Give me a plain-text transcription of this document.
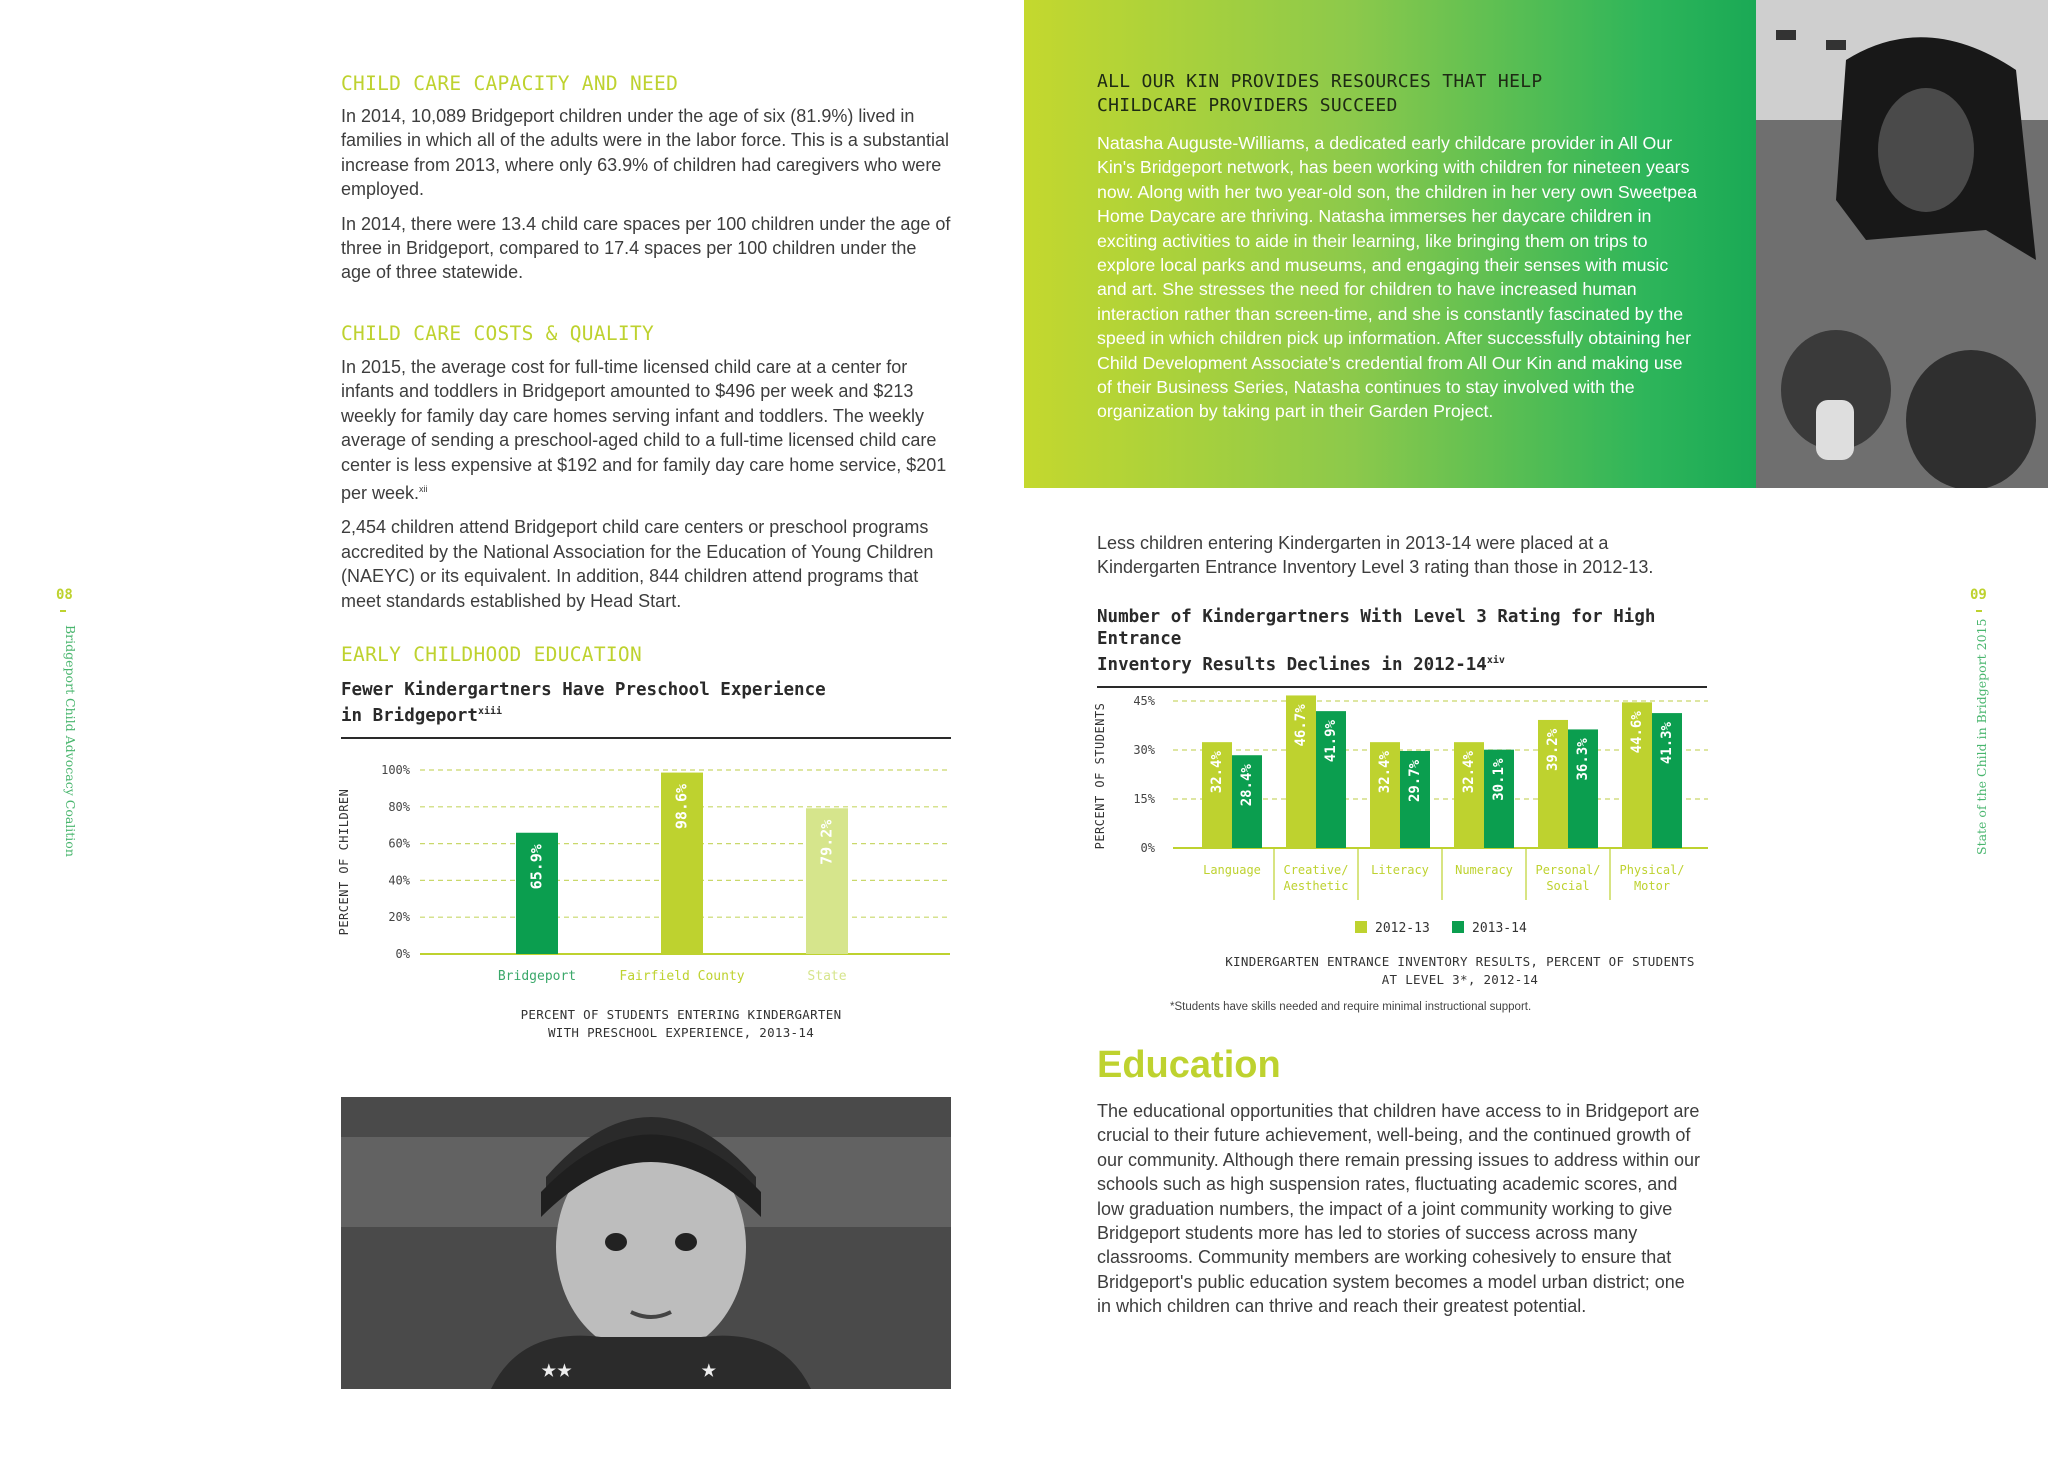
08
Bridgeport Child Advocacy Coalition
CHILD CARE CAPACITY AND NEED

In 2014, 10,089 Bridgeport children under the age of six (81.9%) lived in families in which all of the adults were in the labor force. This is a substantial increase from 2013, where only 63.9% of children had caregivers who were employed.

In 2014, there were 13.4 child care spaces per 100 children under the age of three in Bridgeport, compared to 17.4 spaces per 100 children under the age of three statewide.

CHILD CARE COSTS & QUALITY

In 2015, the average cost for full-time licensed child care at a center for infants and toddlers in Bridgeport amounted to $496 per week and $213 weekly for family day care homes serving infant and toddlers. The weekly average of sending a preschool-aged child to a full-time licensed child care center is less expensive at $192 and for family day care home service, $201 per week.$^{xii}$

2,454 children attend Bridgeport child care centers or preschool programs accredited by the National Association for the Education of Young Children (NAEYC) or its equivalent. In addition, 844 children attend programs that meet standards established by Head Start.

EARLY CHILDHOOD EDUCATION
Fewer Kindergartners Have Preschool Experience
in Bridgeport$^{xiii}$
PERCENT OF CHILDREN
0%
20%
40%
60%
80%
100%
65.9%
Bridgeport
98.6%
Fairfield County
79.2%
State
PERCENT OF STUDENTS ENTERING KINDERGARTEN
WITH PRESCHOOL EXPERIENCE, 2013-14
★★	★
ALL OUR KIN PROVIDES RESOURCES THAT HELP
CHILDCARE PROVIDERS SUCCEED

Natasha Auguste-Williams, a dedicated early childcare provider in All Our Kin's Bridgeport network, has been working with children for nineteen years now. Along with her two year-old son, the children in her very own Sweetpea Home Daycare are thriving. Natasha immerses her daycare children in exciting activities to aide in their learning, like bringing them on trips to explore local parks and museums, and engaging their senses with music and art. She stresses the need for children to have increased human interaction rather than screen-time, and she is constantly fascinated by the speed in which children pick up information. After successfully obtaining her Child Development Associate's credential from All Our Kin and making use of their Business Series, Natasha continues to stay involved with the organization by taking part in their Garden Project.

Less children entering Kindergarten in 2013-14 were placed at a Kindergarten Entrance Inventory Level 3 rating than those in 2012-13.

Number of Kindergartners With Level 3 Rating for High Entrance
Inventory Results Declines in 2012-14$^{xiv}$
PERCENT OF STUDENTS	0%
15%
30%
45%
32.4% 28.4%
Language
46.7% 41.9%
Creative/
Aesthetic
32.4% 29.7%
Literacy
32.4% 30.1%
Numeracy
39.2% 36.3%
Personal/
Social
44.6% 41.3%
Physical/
Motor
2012-13	2013-14
KINDERGARTEN ENTRANCE INVENTORY RESULTS, PERCENT OF STUDENTS
AT LEVEL 3*, 2012-14
*Students have skills needed and require minimal instructional support.
Education

The educational opportunities that children have access to in Bridgeport are crucial to their future achievement, well-being, and the continued growth of our community. Although there remain pressing issues to address within our schools such as high suspension rates, fluctuating academic scores, and low graduation numbers, the impact of a joint community working to give Bridgeport students more has led to stories of success across many classrooms. Community members are working cohesively to ensure that Bridgeport's public education system becomes a model urban district; one in which children can thrive and reach their greatest potential.

09
State of the Child in Bridgeport 2015
